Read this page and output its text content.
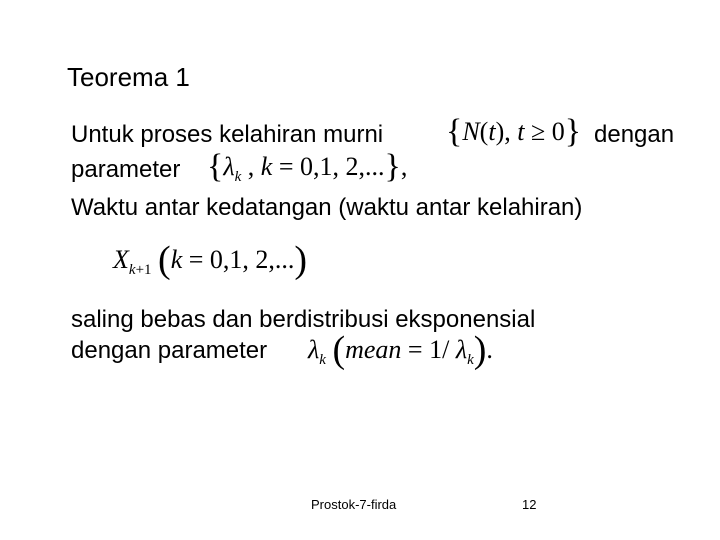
Teorema 1
Untuk proses kelahiran murni {N(t), t ≥ 0} dengan
parameter {$\lambda_k$ , k = 0,1, 2,...},
Waktu antar kedatangan (waktu antar kelahiran)
$X_{k+1}$ (k = 0,1, 2,...)
saling bebas dan berdistribusi eksponensial
dengan parameter $\lambda_k$ (mean = 1/ $\lambda_k$).
Prostok-7-firda	12
